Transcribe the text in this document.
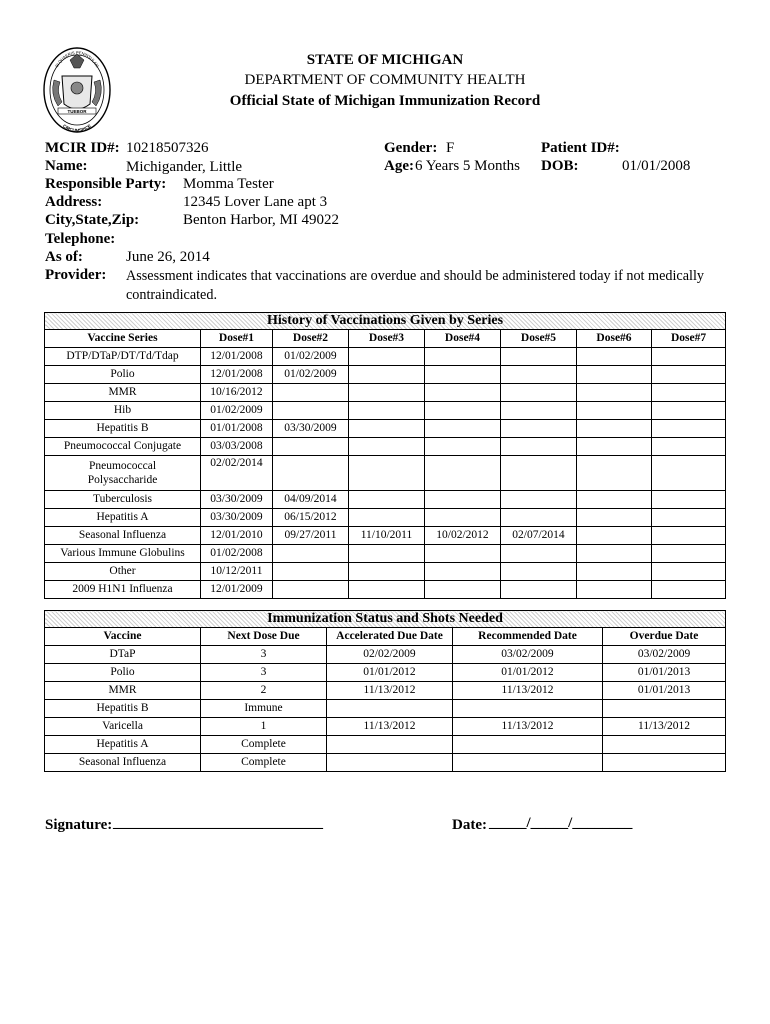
TUEBOR
SI QUAERIS PENINSULAM
CIRCUMSPICE
STATE OF MICHIGAN
DEPARTMENT OF COMMUNITY HEALTH
Official State of Michigan Immunization Record
MCIR ID#: 10218507326
Name:	Michigander, Little
Responsible Party: Momma Tester
Address:	12345 Lover Lane apt 3
City,State,Zip:	Benton Harbor, MI 49022
Telephone:
As of:	June 26, 2014
Provider: Assessment indicates that vaccinations are overdue and should be administered today if not medically
contraindicated.
Gender: F
Age: 6 Years 5 Months
Patient ID#:
DOB:	01/01/2008
History of Vaccinations Given by Series							
Vaccine Series	Dose#1	Dose#2	Dose#3	Dose#4	Dose#5	Dose#6	Dose#7
DTP/DTaP/DT/Td/Tdap	12/01/2008	01/02/2009					
Polio	12/01/2008	01/02/2009					
MMR	10/16/2012						
Hib	01/02/2009						
Hepatitis B	01/01/2008	03/30/2009					
Pneumococcal Conjugate	03/03/2008						

Pneumococcal
Polysaccharide	02/02/2014						
Tuberculosis	03/30/2009	04/09/2014					
Hepatitis A	03/30/2009	06/15/2012					
Seasonal Influenza	12/01/2010	09/27/2011	11/10/2011	10/02/2012	02/07/2014		
Various Immune Globulins	01/02/2008						
Other	10/12/2011						
2009 H1N1 Influenza	12/01/2009						
Immunization Status and Shots Needed				
Vaccine	Next Dose Due	Accelerated Due Date	Recommended Date	Overdue Date
DTaP	3	02/02/2009	03/02/2009	03/02/2009
Polio	3	01/01/2012	01/01/2012	01/01/2013
MMR	2	11/13/2012	11/13/2012	01/01/2013
Hepatitis B	Immune			
Varicella	1	11/13/2012	11/13/2012	11/13/2012
Hepatitis A	Complete			
Seasonal Influenza	Complete			
Signature: ____________________________	Date: _____/_____/________
